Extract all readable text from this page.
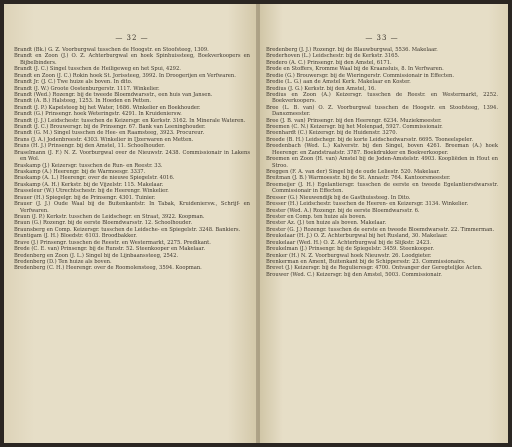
— 32 —
Brandt (Bk.) G. Z. Voorburgwal tusschen de Hoogstr. en Stoofsteeg, 1309.
Brandt en Zoon (J.) O. Z. Achterburgwal en hoek Spinhuissteeg, Boekverkoopers en Bijbelbinders.
Brandt (J. C.) Singel tusschen de Heiligeweg en het Spui, 4292.
Brandt en Zoon (J. C.) Rokin hoek St. Jorissteeg, 3992. In Droogerijen en Verfwaren.
Brandt Jr. (J. C.) Twe huize als boven. In dito.
Brandt (J. W.) Groote Oostenburgerstr. 1117. Winkelier.
Brandt (Wed.) Rozengr. bij de tweede Bloemdwarsstr., een huis van Jansen.
Brandt (A. B.) Halsteeg, 1253. In Hoeden en Petten.
Brandt (J. P.) Kapelsteeg bij het Water, 1686. Winkelier en Boekhouder.
Brandt (G.) Prinsengr. hoek Weteringstr. 4291. In Kruideniersw.
Brandt (J. J.) Leidschestr. tusschen de Keizersgr. en Kerkstr. 3162. In Minerale Wateren.
Brandt (J. C.) Brouwersgr. bij de Prinsengr. 67. Bank van Leeninghouder.
Brandt (G. M.) Singel tusschen de Hee- en Raamsteeg, 3923. Procureur.
Brans (J. A.) Jodenbreestr. 4303. Winkelier in IJzerwaren en Metten.
Brans (H. J.) Prinsengr. bij den Amstel, 11. Schoolhouder.
Braselmann (J. F.) N. Z. Voorburgwal over de Nieuwstr. 2438. Commissionair in Lakens en Wol.
Braskamp (J.) Keizersgr. tusschen de Run- en Reestr. 33.
Braskamp (A.) Heerengr. bij de Warmoesgr. 3337.
Braskamp (A. L.) Heerengr. over de nieuwe Spiegelstr. 4016.
Braskamp (A. H.) Kerkstr. bij de Vijzelstr. 115. Makelaar.
Brasseleur (W.) Utrechtschestr. bij de Heerengr. Winkelier.
Brauer (H.) Spiegelgr. bij de Prinsengr. 4301. Tuinier.
Brauer (J. J.) Oude Waal bij de Buitenkantstr. In Tabak, Kruideniersw., Schrijf- en Verfwaren.
Braun (J. P.) Kerkstr. tusschen de Leidschegr. en Straat, 3922. Koopman.
Braun (G.) Rozengr. bij de eerste Bloemdwarsstr. 12. Schoolhouder.
Braunsberg en Comp. Keizersgr. tusschen de Leidsche- en Spiegelstr. 3248. Bankiers.
Brantigam (J. H.) Bloedstr. 6103. Broodbakker.
Brave (J.) Prinsengr. tusschen de Reestr. en Westermarkt, 2275. Predikant.
Brede (C. E. van) Prinsengr. bij de Runstr. 52. Steenkooper en Makelaar.
Bredenberg en Zoon (J. L.) Singel bij de Lijnbaanssteeg, 2542.
Bredenberg (D.) Ten huize als boven.
Bredenberg (C. H.) Heerengr. over de Roomolensteeg, 3594. Koopman.
— 33 —
Bredenberg (J. J.) Rozengr. bij de Blauwburgwal, 5536. Makelaar.
Brederhoven (L.) Leidschestr. bij de Kerkstr. 3165.
Bredero (A. C.) Prinsengr. bij den Amstel, 6171.
Brede en Stoffers, Kromme Waal bij de Kraansluis, 8. In Verfwaren.
Bredie (G.) Brouwersgr. bij de Wieringerstr. Commissionair in Effecten.
Bredie (L. G.) aan de Amstel Kerk. Makelaar en Koster.
Bredius (J. G.) Kerkstr. bij den Amstel, 16.
Bredius en Zoon (A.) Keizersgr. tusschen de Reestr. en Westermarkt, 2252. Boekverkoopers.
Bree (L. B. van) O. Z. Voorburgwal tusschen de Hoogstr. en Stoofsteeg, 1394. Danszmeester.
Bree (J. B. van) Prinsengr. bij den Heerengr. 6234. Muziekmeester.
Breemen (C. N.) Keizersgr. bij het Molenpad, 5927. Commissionair.
Breenhardt (C.) Keizersgr. bij de Huidenstr. 3270.
Breede (B. H.) Leidschegr. bij de korte Leidschedwarsstr. 6695. Tooneelspeler.
Breedenbach (Wed. L.) Kalverstr. bij den Singel, boven 4261. Breeman (A.) hoek Heerengr. en Zandstraatstr. 3787. Boekdrukker en Boekverkooper.
Breemen en Zoon (H. van) Amstel bij de Joden-Amstelstr. 4903. Koopliëden in Hout en Stroo.
Breggen (F. A. van der) Singel bij de oude Leliestr. 520. Makelaar.
Breitman (J. B.) Warmoesstr. bij de St. Annastr. 764. Kantoorsmeester.
Breemeijer (J. H.) Egelantiersgr. tusschen de eerste en tweede Egelantiersdwarsstr. Commissionair in Effecten.
Bresser (G.) Nieuwendijk bij de Gasthuissteeg. In Dito.
Bresser (H.) Leidschestr. tusschen de Heeren- en Keizersgr. 3134. Winkelier.
Brester (Wed. A.) Rozengr. bij de eerste Bloemdwarsstr. 6.
Brester en Comp. ten huize als boven.
Brester Az. (J.) ten huize als boven. Makelaar.
Brester (G. J.) Rozengr. tusschen de eerste en tweede Bloemdwarsstr. 22. Timmerman.
Breukelaar (H. J.) O. Z. Achterburgwal bij het Rusland, 30. Makelaar.
Breukelaar (Wed. H.) O. Z. Achterburgwal bij de Slijkstr. 2423.
Breukelman (J.) Prinsengr. bij de Spiegelstr. 3459. Steenkooper.
Brenker (H.) N. Z. Voorburgwal hoek Nieuwstr. 26. Loodgieter.
Brenkerman en Ament, Buitenkant bij de Schippersstr. 23. Commissionairs.
Brevet (J.) Keizersgr. bij de Regulieresgr. 4700. Ontvanger der Geregtelijke Acten.
Brouwer (Wed. C.) Keizersgr. bij den Amstel, 5003. Commissionair.
